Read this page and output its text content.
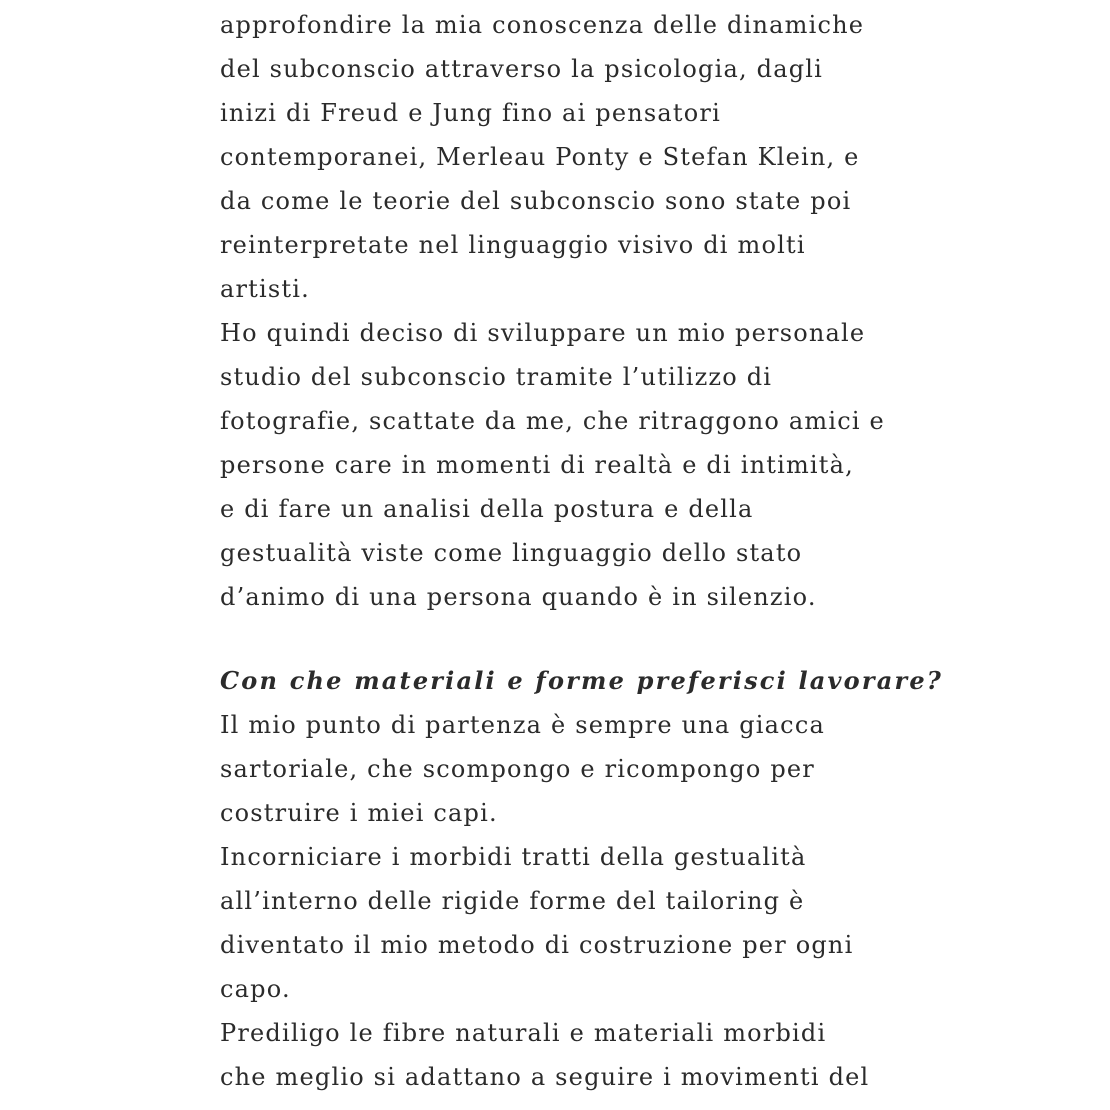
approfondire la mia conoscenza delle dinamiche
del subconscio attraverso la psicologia, dagli
inizi di Freud e Jung fino ai pensatori
contemporanei, Merleau Ponty e Stefan Klein, e
da come le teorie del subconscio sono state poi
reinterpretate nel linguaggio visivo di molti
artisti.
Ho quindi deciso di sviluppare un mio personale
studio del subconscio tramite l’utilizzo di
fotografie, scattate da me, che ritraggono amici e
persone care in momenti di realtà e di intimità,
e di fare un analisi della postura e della
gestualità viste come linguaggio dello stato
d’animo di una persona quando è in silenzio.
Con che materiali e forme preferisci lavorare?
Il mio punto di partenza è sempre una giacca
sartoriale, che scompongo e ricompongo per
costruire i miei capi.
Incorniciare i morbidi tratti della gestualità
all’interno delle rigide forme del tailoring è
diventato il mio metodo di costruzione per ogni
capo.
Prediligo le fibre naturali e materiali morbidi
che meglio si adattano a seguire i movimenti del
